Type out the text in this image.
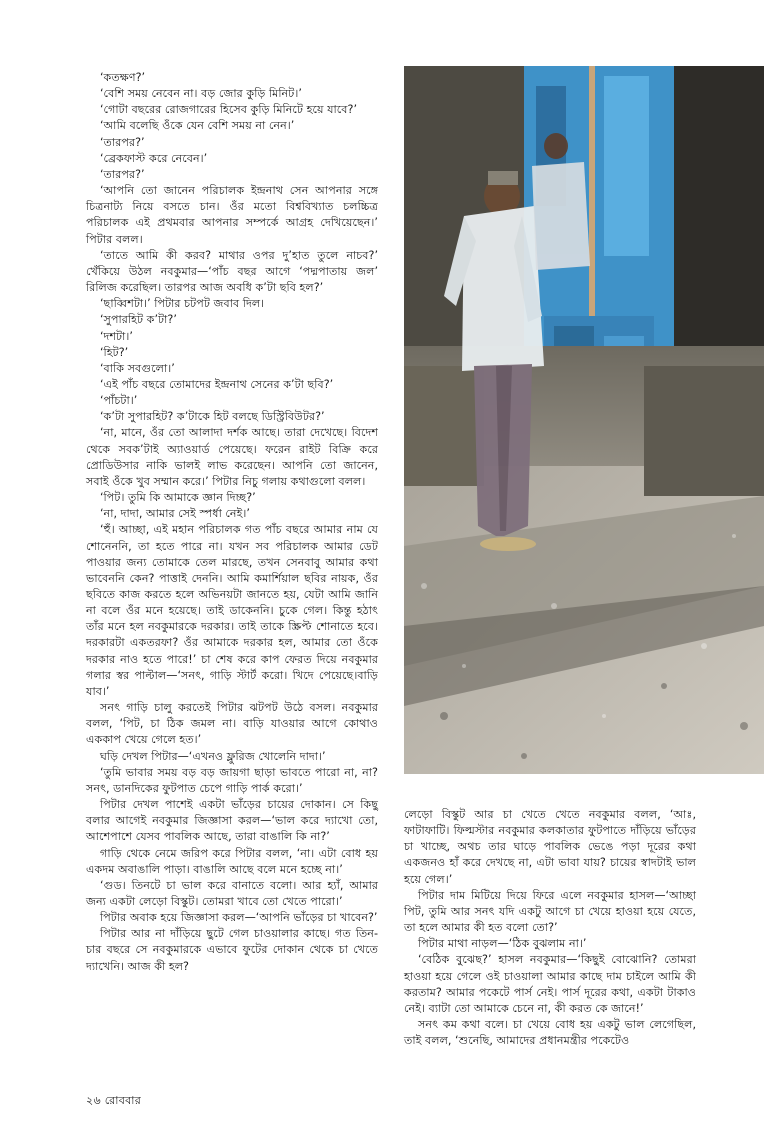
‘কতক্ষণ?’

‘বেশি সময় নেবেন না। বড় জোর কুড়ি মিনিট।’

‘গোটা বছরের রোজগারের হিসেব কুড়ি মিনিটে হয়ে যাবে?’

‘আমি বলেছি ওঁকে যেন বেশি সময় না নেন।’

‘তারপর?’

‘ব্রেকফাস্ট করে নেবেন।’

‘তারপর?’

‘আপনি তো জানেন পরিচালক ইন্দ্রনাথ সেন আপনার সঙ্গে চিত্রনাট্য নিয়ে বসতে চান। ওঁর মতো বিশ্ববিখ্যাত চলচ্চিত্র পরিচালক এই প্রথমবার আপনার সম্পর্কে আগ্রহ দেখিয়েছেন।’ পিটার বলল।

‘তাতে আমি কী করব? মাথার ওপর দু’হাত তুলে নাচব?’ খেঁকিয়ে উঠল নবকুমার—‘পাঁচ বছর আগে ‘পদ্মপাতায় জল’ রিলিজ করেছিল। তারপর আজ অবধি ক’টা ছবি হল?’

‘ছাব্বিশটা।’ পিটার চটপট জবাব দিল।

‘সুপারহিট ক’টা?’

‘দশটা।’

‘হিট?’

‘বাকি সবগুলো।’

‘এই পাঁচ বছরে তোমাদের ইন্দ্রনাথ সেনের ক’টা ছবি?’

‘পাঁচটা।’

‘ক’টা সুপারহিট? ক’টাকে হিট বলছে ডিস্ট্রিবিউটর?’

‘না, মানে, ওঁর তো আলাদা দর্শক আছে। তারা দেখেছে। বিদেশ থেকে সবক’টাই অ্যাওয়ার্ড পেয়েছে। ফরেন রাইট বিক্রি করে প্রোডিউসার নাকি ভালই লাভ করেছেন। আপনি তো জানেন, সবাই ওঁকে খুব সম্মান করে।’ পিটার নিচু গলায় কথাগুলো বলল।

‘পিট। তুমি কি আমাকে জ্ঞান দিচ্ছ?’

‘না, দাদা, আমার সেই স্পর্ধা নেই।’

‘হুঁ। আচ্ছা, এই মহান পরিচালক গত পাঁচ বছরে আমার নাম যে শোনেননি, তা হতে পারে না। যখন সব পরিচালক আমার ডেট পাওয়ার জন্য তোমাকে তেল মারছে, তখন সেনবাবু আমার কথা ভাবেননি কেন? পাত্তাই দেননি। আমি কমার্শিয়াল ছবির নায়ক, ওঁর ছবিতে কাজ করতে হলে অভিনয়টা জানতে হয়, যেটা আমি জানি না বলে ওঁর মনে হয়েছে। তাই ডাকেননি। চুকে গেল। কিন্তু হঠাৎ তাঁর মনে হল নবকুমারকে দরকার। তাই তাকে স্ক্রিপ্ট শোনাতে হবে। দরকারটা একতরফা? ওঁর আমাকে দরকার হল, আমার তো ওঁকে দরকার নাও হতে পারে!’ চা শেষ করে কাপ ফেরত দিয়ে নবকুমার গলার স্বর পাল্টাল—‘সনৎ, গাড়ি স্টার্ট করো। খিদে পেয়েছে।বাড়ি যাব।’

সনৎ গাড়ি চালু করতেই পিটার ঝটপট উঠে বসল। নবকুমার বলল, ‘পিট, চা ঠিক জমল না। বাড়ি যাওয়ার আগে কোথাও এককাপ খেয়ে গেলে হত।’

ঘড়ি দেখল পিটার—‘এখনও ফ্লুরিজ খোলেনি দাদা।’

‘তুমি ভাবার সময় বড় বড় জায়গা ছাড়া ভাবতে পারো না, না? সনৎ, ডানদিকের ফুটপাত চেপে গাড়ি পার্ক করো।’

পিটার দেখল পাশেই একটা ভাঁড়ের চায়ের দোকান। সে কিছু বলার আগেই নবকুমার জিজ্ঞাসা করল—‘ভাল করে দ্যাখো তো, আশেপাশে যেসব পাবলিক আছে, তারা বাঙালি কি না?’

গাড়ি থেকে নেমে জরিপ করে পিটার বলল, ‘না। এটা বোধ হয় একদম অবাঙালি পাড়া। বাঙালি আছে বলে মনে হচ্ছে না।’

‘গুড। তিনটে চা ভাল করে বানাতে বলো। আর হ্যাঁ, আমার জন্য একটা লেড়ো বিস্কুট। তোমরা খাবে তো খেতে পারো।’

পিটার অবাক হয়ে জিজ্ঞাসা করল—‘আপনি ভাঁড়ের চা খাবেন?’

পিটার আর না দাঁড়িয়ে ছুটে গেল চাওয়ালার কাছে। গত তিন-চার বছরে সে নবকুমারকে এভাবে ফুটের দোকান থেকে চা খেতে দ্যাখেনি। আজ কী হল?

লেড়ো বিস্কুট আর চা খেতে খেতে নবকুমার বলল, ‘আঃ, ফাটাফাটি। ফিল্মস্টার নবকুমার কলকাতার ফুটপাতে দাঁড়িয়ে ভাঁড়ের চা খাচ্ছে, অথচ তার ঘাড়ে পাবলিক ভেঙে পড়া দূরের কথা একজনও হাঁ করে দেখছে না, এটা ভাবা যায়? চায়ের স্বাদটাই ভাল হয়ে গেল।’

পিটার দাম মিটিয়ে দিয়ে ফিরে এলে নবকুমার হাসল—‘আচ্ছা পিট, তুমি আর সনৎ যদি একটু আগে চা খেয়ে হাওয়া হয়ে যেতে, তা হলে আমার কী হত বলো তো?’

পিটার মাথা নাড়ল—‘ঠিক বুঝলাম না।’

‘বেঠিক বুঝেছ?’ হাসল নবকুমার—‘কিছুই বোঝোনি? তোমরা হাওয়া হয়ে গেলে ওই চাওয়ালা আমার কাছে দাম চাইলে আমি কী করতাম? আমার পকেটে পার্স নেই। পার্স দূরের কথা, একটা টাকাও নেই। ব্যাটা তো আমাকে চেনে না, কী করত কে জানে!’

সনৎ কম কথা বলে। চা খেয়ে বোধ হয় একটু ভাল লেগেছিল, তাই বলল, ‘শুনেছি, আমাদের প্রধানমন্ত্রীর পকেটেও

২৬ রোববার
